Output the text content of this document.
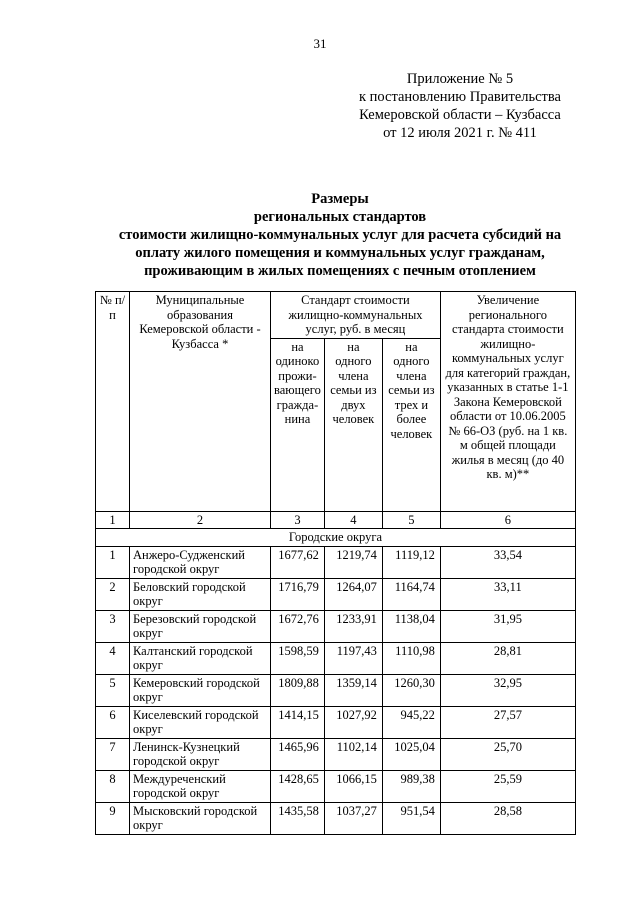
31
Приложение № 5
к постановлению Правительства
Кемеровской области – Кузбасса
от 12 июля 2021 г. № 411
Размеры
региональных стандартов
стоимости жилищно-коммунальных услуг для расчета субсидий на
оплату жилого помещения и коммунальных услуг гражданам,
проживающим в жилых помещениях с печным отоплением
№ п/п	Муниципальные образования Кемеровской области - Кузбасса *	Стандарт стоимости жилищно-коммунальных услуг, руб. в месяц			Увеличение регионального стандарта стоимости жилищно-коммунальных услуг для категорий граждан, указанных в статье 1-1 Закона Кемеровской области от 10.06.2005 № 66-ОЗ (руб. на 1 кв. м общей площади жилья в месяц (до 40 кв. м)**
		на одиноко прожи-вающего гражда-нина	на одного члена семьи из двух человек	на одного члена семьи из трех и более человек	
1	2	3	4	5	6
Городские округа					
1	Анжеро-Судженский городской округ	1677,62	1219,74	1119,12	33,54
2	Беловский городской округ	1716,79	1264,07	1164,74	33,11
3	Березовский городской округ	1672,76	1233,91	1138,04	31,95
4	Калтанский городской округ	1598,59	1197,43	1110,98	28,81
5	Кемеровский городской округ	1809,88	1359,14	1260,30	32,95
6	Киселевский городской округ	1414,15	1027,92	945,22	27,57
7	Ленинск-Кузнецкий городской округ	1465,96	1102,14	1025,04	25,70
8	Междуреченский городской округ	1428,65	1066,15	989,38	25,59
9	Мысковский городской округ	1435,58	1037,27	951,54	28,58
